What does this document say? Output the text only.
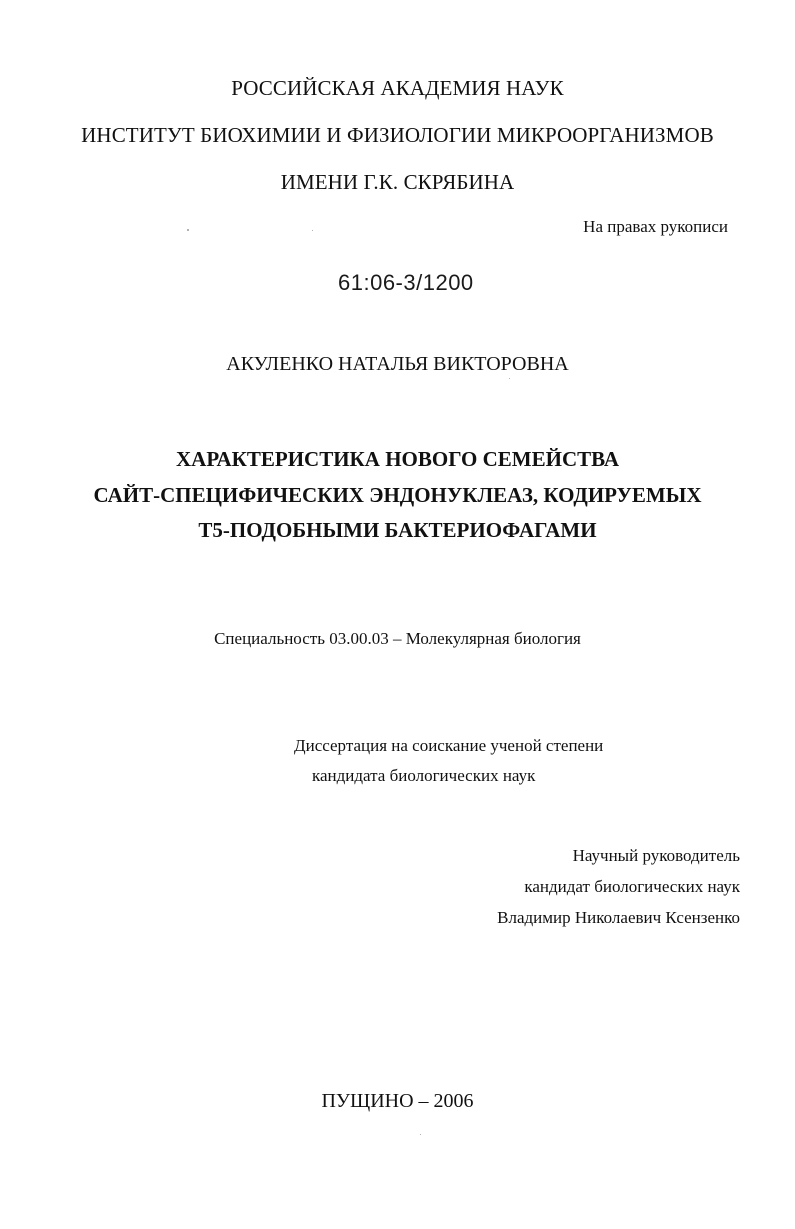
РОССИЙСКАЯ АКАДЕМИЯ НАУК

ИНСТИТУТ БИОХИМИИ И ФИЗИОЛОГИИ МИКРООРГАНИЗМОВ

ИМЕНИ Г.К. СКРЯБИНА

На правах рукописи

61:06-3/1200

АКУЛЕНКО НАТАЛЬЯ ВИКТОРОВНА

ХАРАКТЕРИСТИКА НОВОГО СЕМЕЙСТВА

САЙТ-СПЕЦИФИЧЕСКИХ ЭНДОНУКЛЕАЗ, КОДИРУЕМЫХ

Т5-ПОДОБНЫМИ БАКТЕРИОФАГАМИ

Специальность 03.00.03 – Молекулярная биология

Диссертация на соискание ученой степени

кандидата биологических наук

Научный руководитель

кандидат биологических наук

Владимир Николаевич Ксензенко

ПУЩИНО – 2006
